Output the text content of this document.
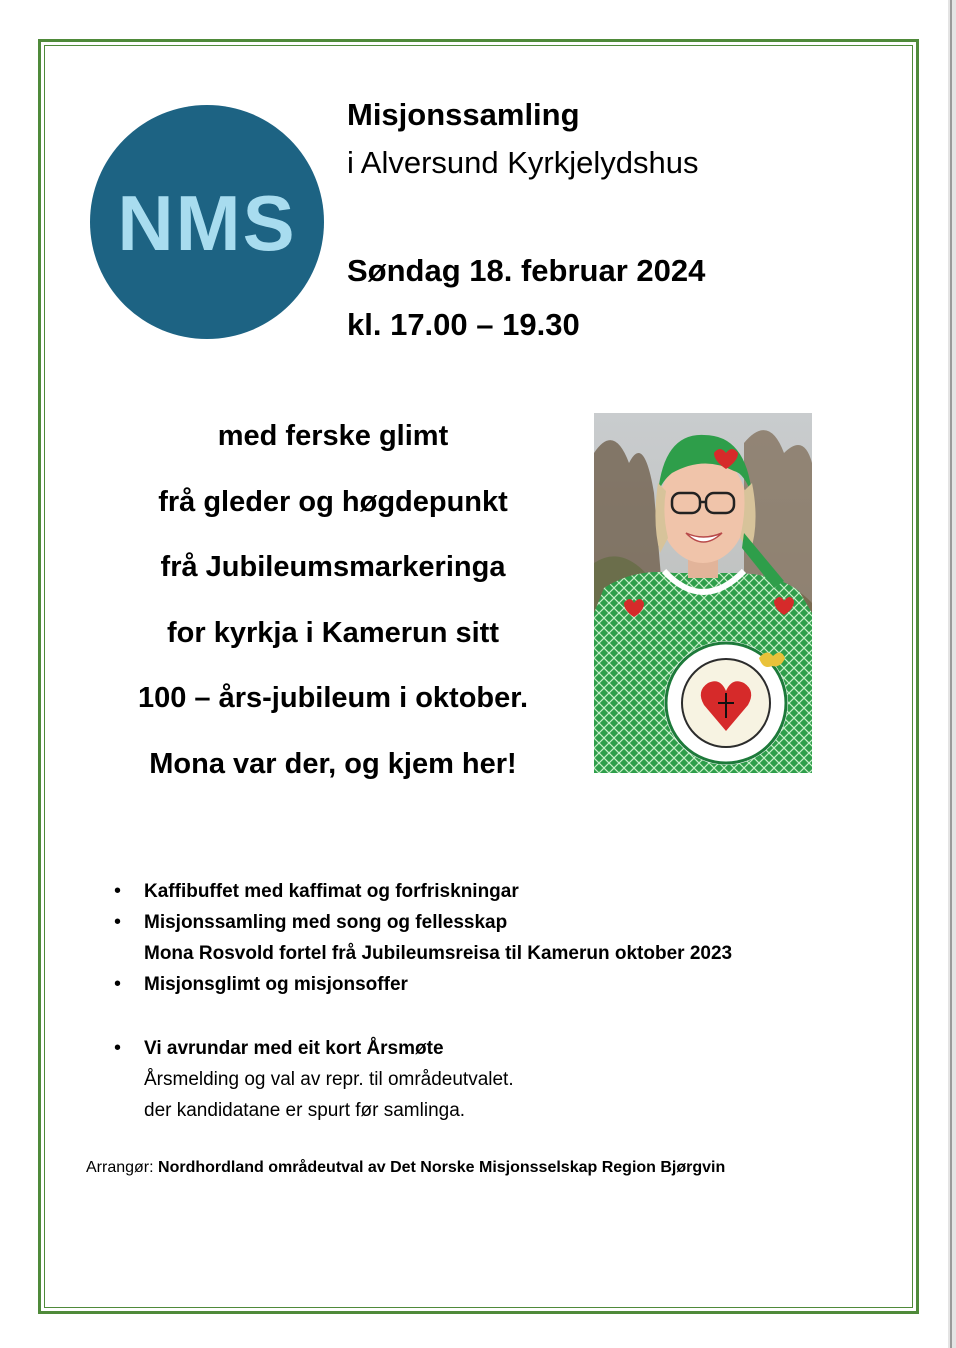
NMS
Misjonssamling
i Alversund Kyrkjelydshus
Søndag 18. februar 2024
kl. 17.00 – 19.30
med ferske glimt
frå gleder og høgdepunkt
frå Jubileumsmarkeringa
for kyrkja i Kamerun sitt
100 – års-jubileum i oktober.
Mona var der, og kjem her!
• Kaffibuffet med kaffimat og forfriskningar
• Misjonssamling med song og fellesskap
Mona Rosvold fortel frå Jubileumsreisa til Kamerun oktober 2023
• Misjonsglimt og misjonsoffer
• Vi avrundar med eit kort Årsmøte
Årsmelding og val av repr. til områdeutvalet.
der kandidatane er spurt før samlinga.
Arrangør: Nordhordland områdeutval av Det Norske Misjonsselskap Region Bjørgvin
